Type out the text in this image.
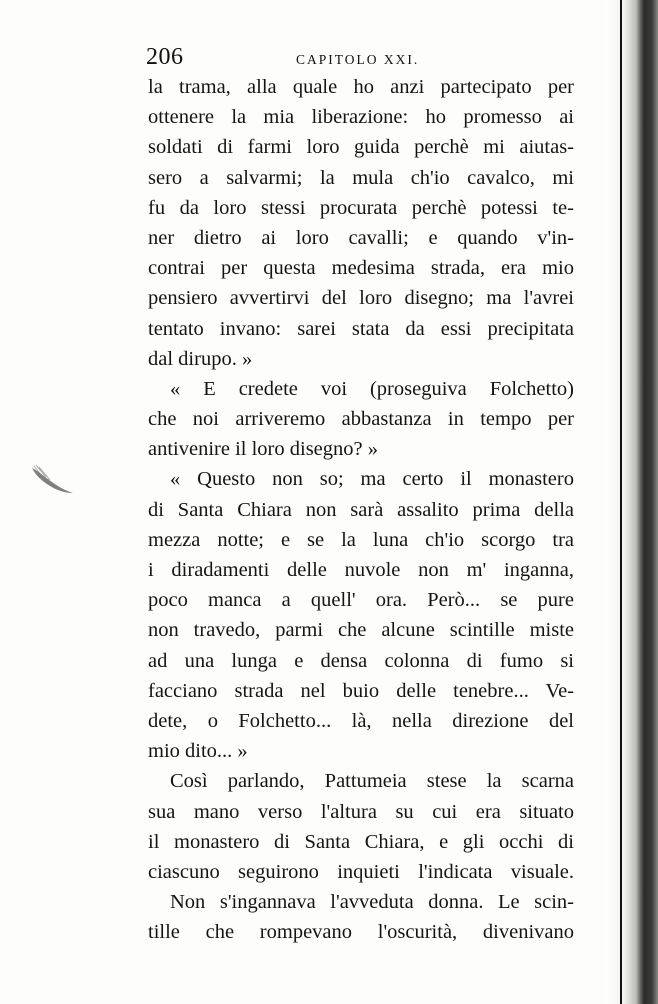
206	CAPITOLO XXI.
la trama, alla quale ho anzi partecipato per
ottenere la mia liberazione: ho promesso ai
soldati di farmi loro guida perchè mi aiutas-
sero a salvarmi; la mula ch'io cavalco, mi
fu da loro stessi procurata perchè potessi te-
ner dietro ai loro cavalli; e quando v'in-
contrai per questa medesima strada, era mio
pensiero avvertirvi del loro disegno; ma l'avrei
tentato invano: sarei stata da essi precipitata
dal dirupo. »
« E credete voi (proseguiva Folchetto)
che noi arriveremo abbastanza in tempo per
antivenire il loro disegno? »
« Questo non so; ma certo il monastero
di Santa Chiara non sarà assalito prima della
mezza notte; e se la luna ch'io scorgo tra
i diradamenti delle nuvole non m' inganna,
poco manca a quell' ora. Però... se pure
non travedo, parmi che alcune scintille miste
ad una lunga e densa colonna di fumo si
facciano strada nel buio delle tenebre... Ve-
dete, o Folchetto... là, nella direzione del
mio dito... »
Così parlando, Pattumeia stese la scarna
sua mano verso l'altura su cui era situato
il monastero di Santa Chiara, e gli occhi di
ciascuno seguirono inquieti l'indicata visuale.
Non s'ingannava l'avveduta donna. Le scin-
tille che rompevano l'oscurità, divenivano
